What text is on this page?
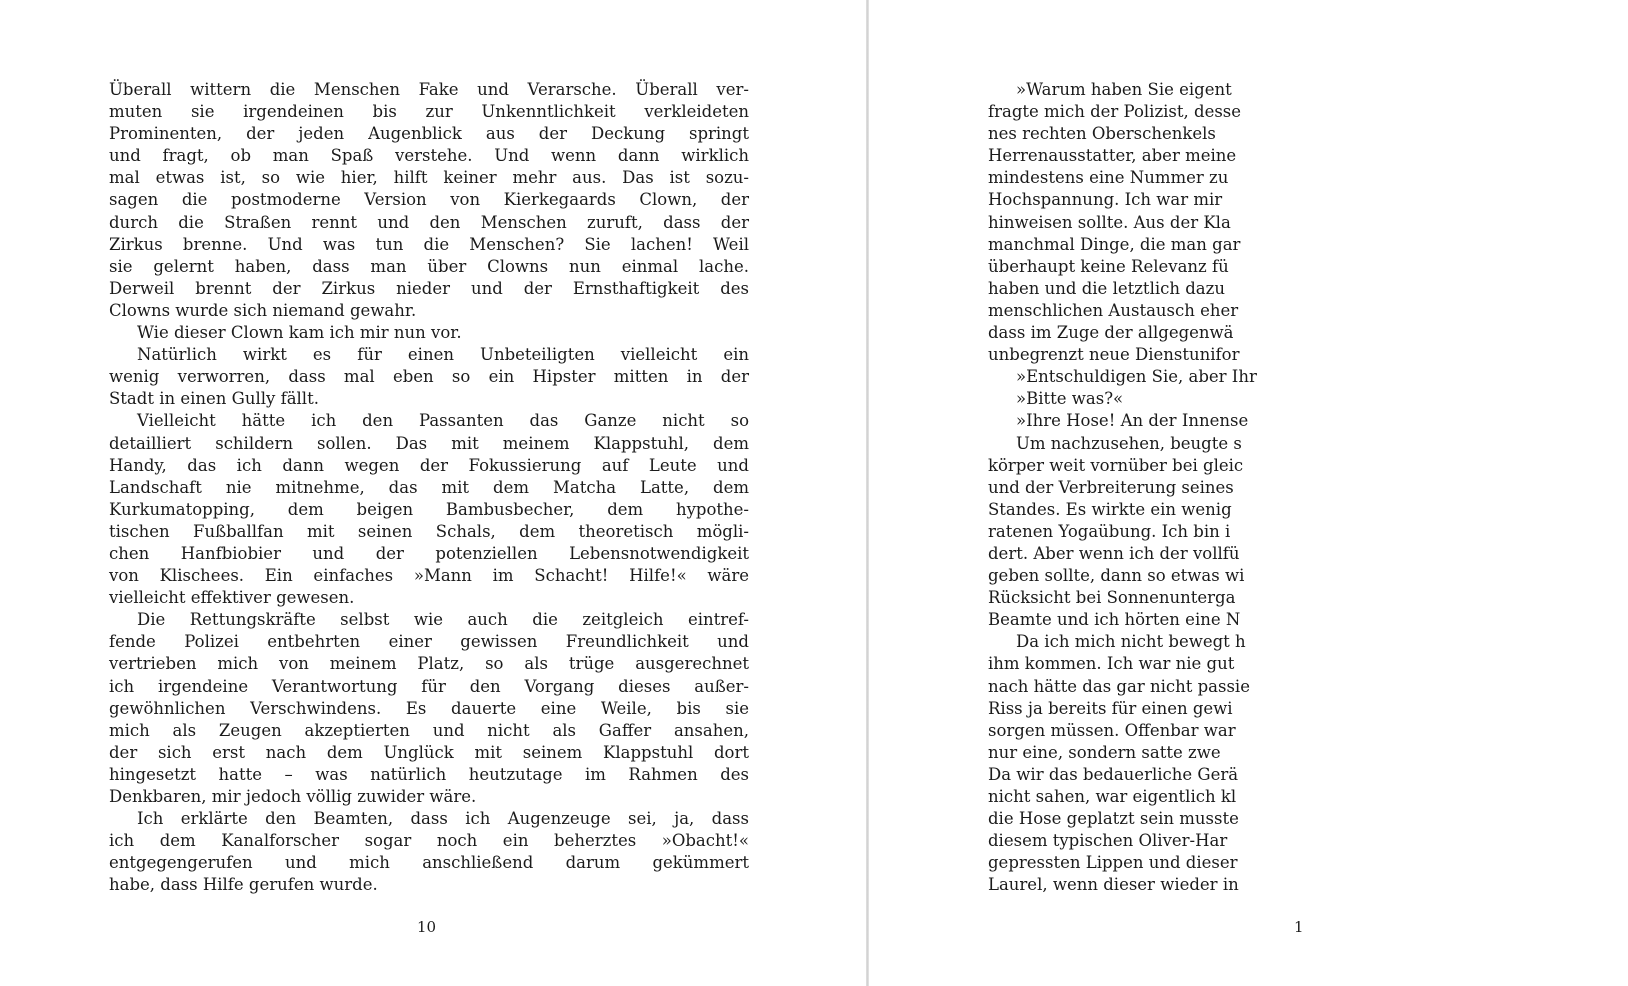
Überall wittern die Menschen Fake und Verarsche. Überall ver-
muten sie irgendeinen bis zur Unkenntlichkeit verkleideten
Prominenten, der jeden Augenblick aus der Deckung springt
und fragt, ob man Spaß verstehe. Und wenn dann wirklich
mal etwas ist, so wie hier, hilft keiner mehr aus. Das ist sozu-
sagen die postmoderne Version von Kierkegaards Clown, der
durch die Straßen rennt und den Menschen zuruft, dass der
Zirkus brenne. Und was tun die Menschen? Sie lachen! Weil
sie gelernt haben, dass man über Clowns nun einmal lache.
Derweil brennt der Zirkus nieder und der Ernsthaftigkeit des
Clowns wurde sich niemand gewahr.
Wie dieser Clown kam ich mir nun vor.
Natürlich wirkt es für einen Unbeteiligten vielleicht ein
wenig verworren, dass mal eben so ein Hipster mitten in der
Stadt in einen Gully fällt.
Vielleicht hätte ich den Passanten das Ganze nicht so
detailliert schildern sollen. Das mit meinem Klappstuhl, dem
Handy, das ich dann wegen der Fokussierung auf Leute und
Landschaft nie mitnehme, das mit dem Matcha Latte, dem
Kurkumatopping, dem beigen Bambusbecher, dem hypothe-
tischen Fußballfan mit seinen Schals, dem theoretisch mögli-
chen Hanfbiobier und der potenziellen Lebensnotwendigkeit
von Klischees. Ein einfaches »Mann im Schacht! Hilfe!« wäre
vielleicht effektiver gewesen.
Die Rettungskräfte selbst wie auch die zeitgleich eintref-
fende Polizei entbehrten einer gewissen Freundlichkeit und
vertrieben mich von meinem Platz, so als trüge ausgerechnet
ich irgendeine Verantwortung für den Vorgang dieses außer-
gewöhnlichen Verschwindens. Es dauerte eine Weile, bis sie
mich als Zeugen akzeptierten und nicht als Gaffer ansahen,
der sich erst nach dem Unglück mit seinem Klappstuhl dort
hingesetzt hatte – was natürlich heutzutage im Rahmen des
Denkbaren, mir jedoch völlig zuwider wäre.
Ich erklärte den Beamten, dass ich Augenzeuge sei, ja, dass
ich dem Kanalforscher sogar noch ein beherztes »Obacht!«
entgegengerufen und mich anschließend darum gekümmert
habe, dass Hilfe gerufen wurde.
10
»Warum haben Sie eigent
fragte mich der Polizist, desse
nes rechten Oberschenkels
Herrenausstatter, aber meine
mindestens eine Nummer zu
Hochspannung. Ich war mir
hinweisen sollte. Aus der Kla
manchmal Dinge, die man gar
überhaupt keine Relevanz fü
haben und die letztlich dazu
menschlichen Austausch eher
dass im Zuge der allgegenwä
unbegrenzt neue Dienstunifor
»Entschuldigen Sie, aber Ihr
»Bitte was?«
»Ihre Hose! An der Innense
Um nachzusehen, beugte s
körper weit vornüber bei gleic
und der Verbreiterung seines
Standes. Es wirkte ein wenig
ratenen Yogaübung. Ich bin i
dert. Aber wenn ich der vollfü
geben sollte, dann so etwas wi
Rücksicht bei Sonnenunterga
Beamte und ich hörten eine N
Da ich mich nicht bewegt h
ihm kommen. Ich war nie gut
nach hätte das gar nicht passie
Riss ja bereits für einen gewi
sorgen müssen. Offenbar war
nur eine, sondern satte zwe
Da wir das bedauerliche Gerä
nicht sahen, war eigentlich kl
die Hose geplatzt sein musste
diesem typischen Oliver-Har
gepressten Lippen und dieser
Laurel, wenn dieser wieder in
1
